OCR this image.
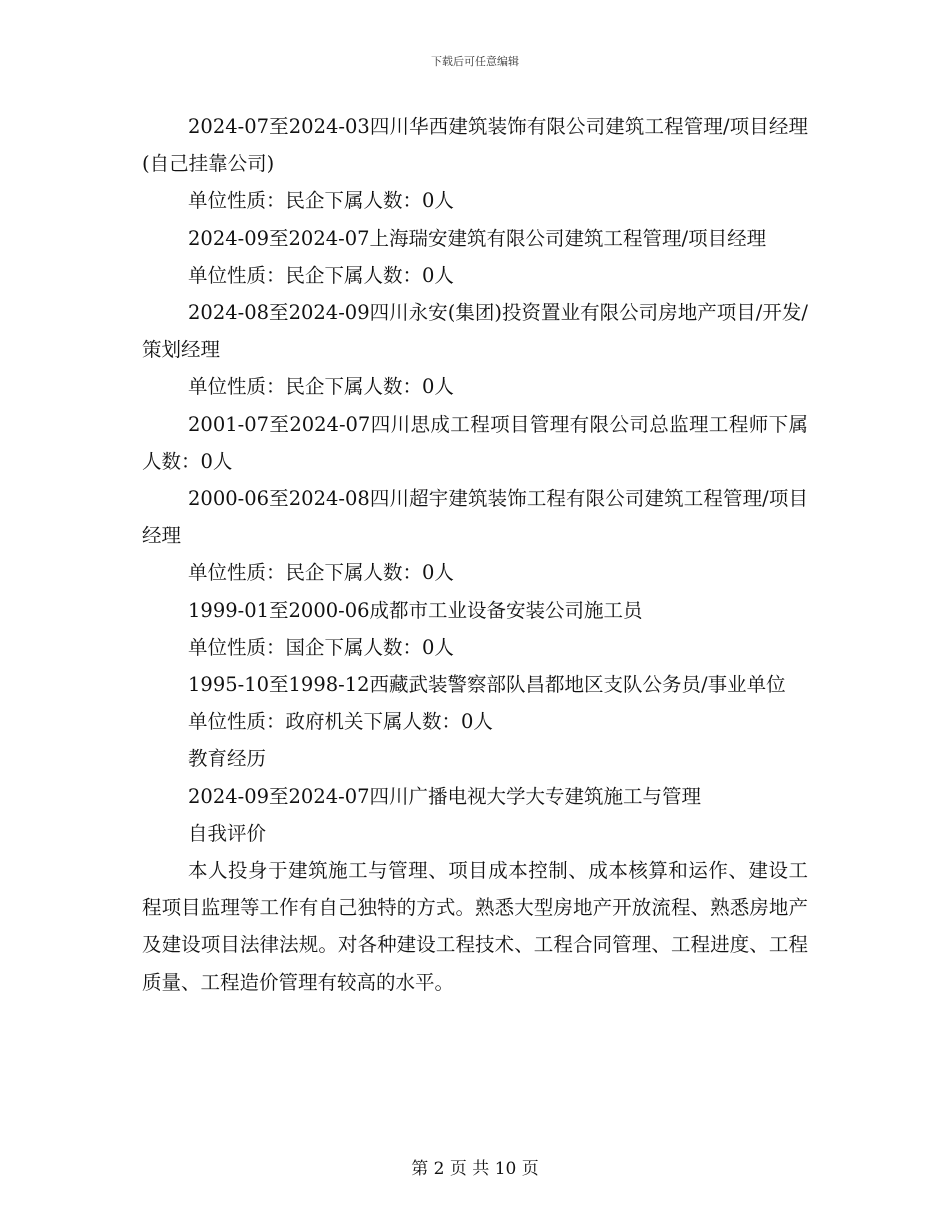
下载后可任意编辑

2024-07至2024-03四川华西建筑装饰有限公司建筑工程管理/项目经理(自己挂靠公司)

单位性质：民企下属人数：0人

2024-09至2024-07上海瑞安建筑有限公司建筑工程管理/项目经理

单位性质：民企下属人数：0人

2024-08至2024-09四川永安(集团)投资置业有限公司房地产项目/开发/策划经理

单位性质：民企下属人数：0人

2001-07至2024-07四川思成工程项目管理有限公司总监理工程师下属人数：0人

2000-06至2024-08四川超宇建筑装饰工程有限公司建筑工程管理/项目经理

单位性质：民企下属人数：0人

1999-01至2000-06成都市工业设备安装公司施工员

单位性质：国企下属人数：0人

1995-10至1998-12西藏武装警察部队昌都地区支队公务员/事业单位

单位性质：政府机关下属人数：0人

教育经历

2024-09至2024-07四川广播电视大学大专建筑施工与管理

自我评价

本人投身于建筑施工与管理、项目成本控制、成本核算和运作、建设工程项目监理等工作有自己独特的方式。熟悉大型房地产开放流程、熟悉房地产及建设项目法律法规。对各种建设工程技术、工程合同管理、工程进度、工程质量、工程造价管理有较高的水平。

第 2 页 共 10 页
